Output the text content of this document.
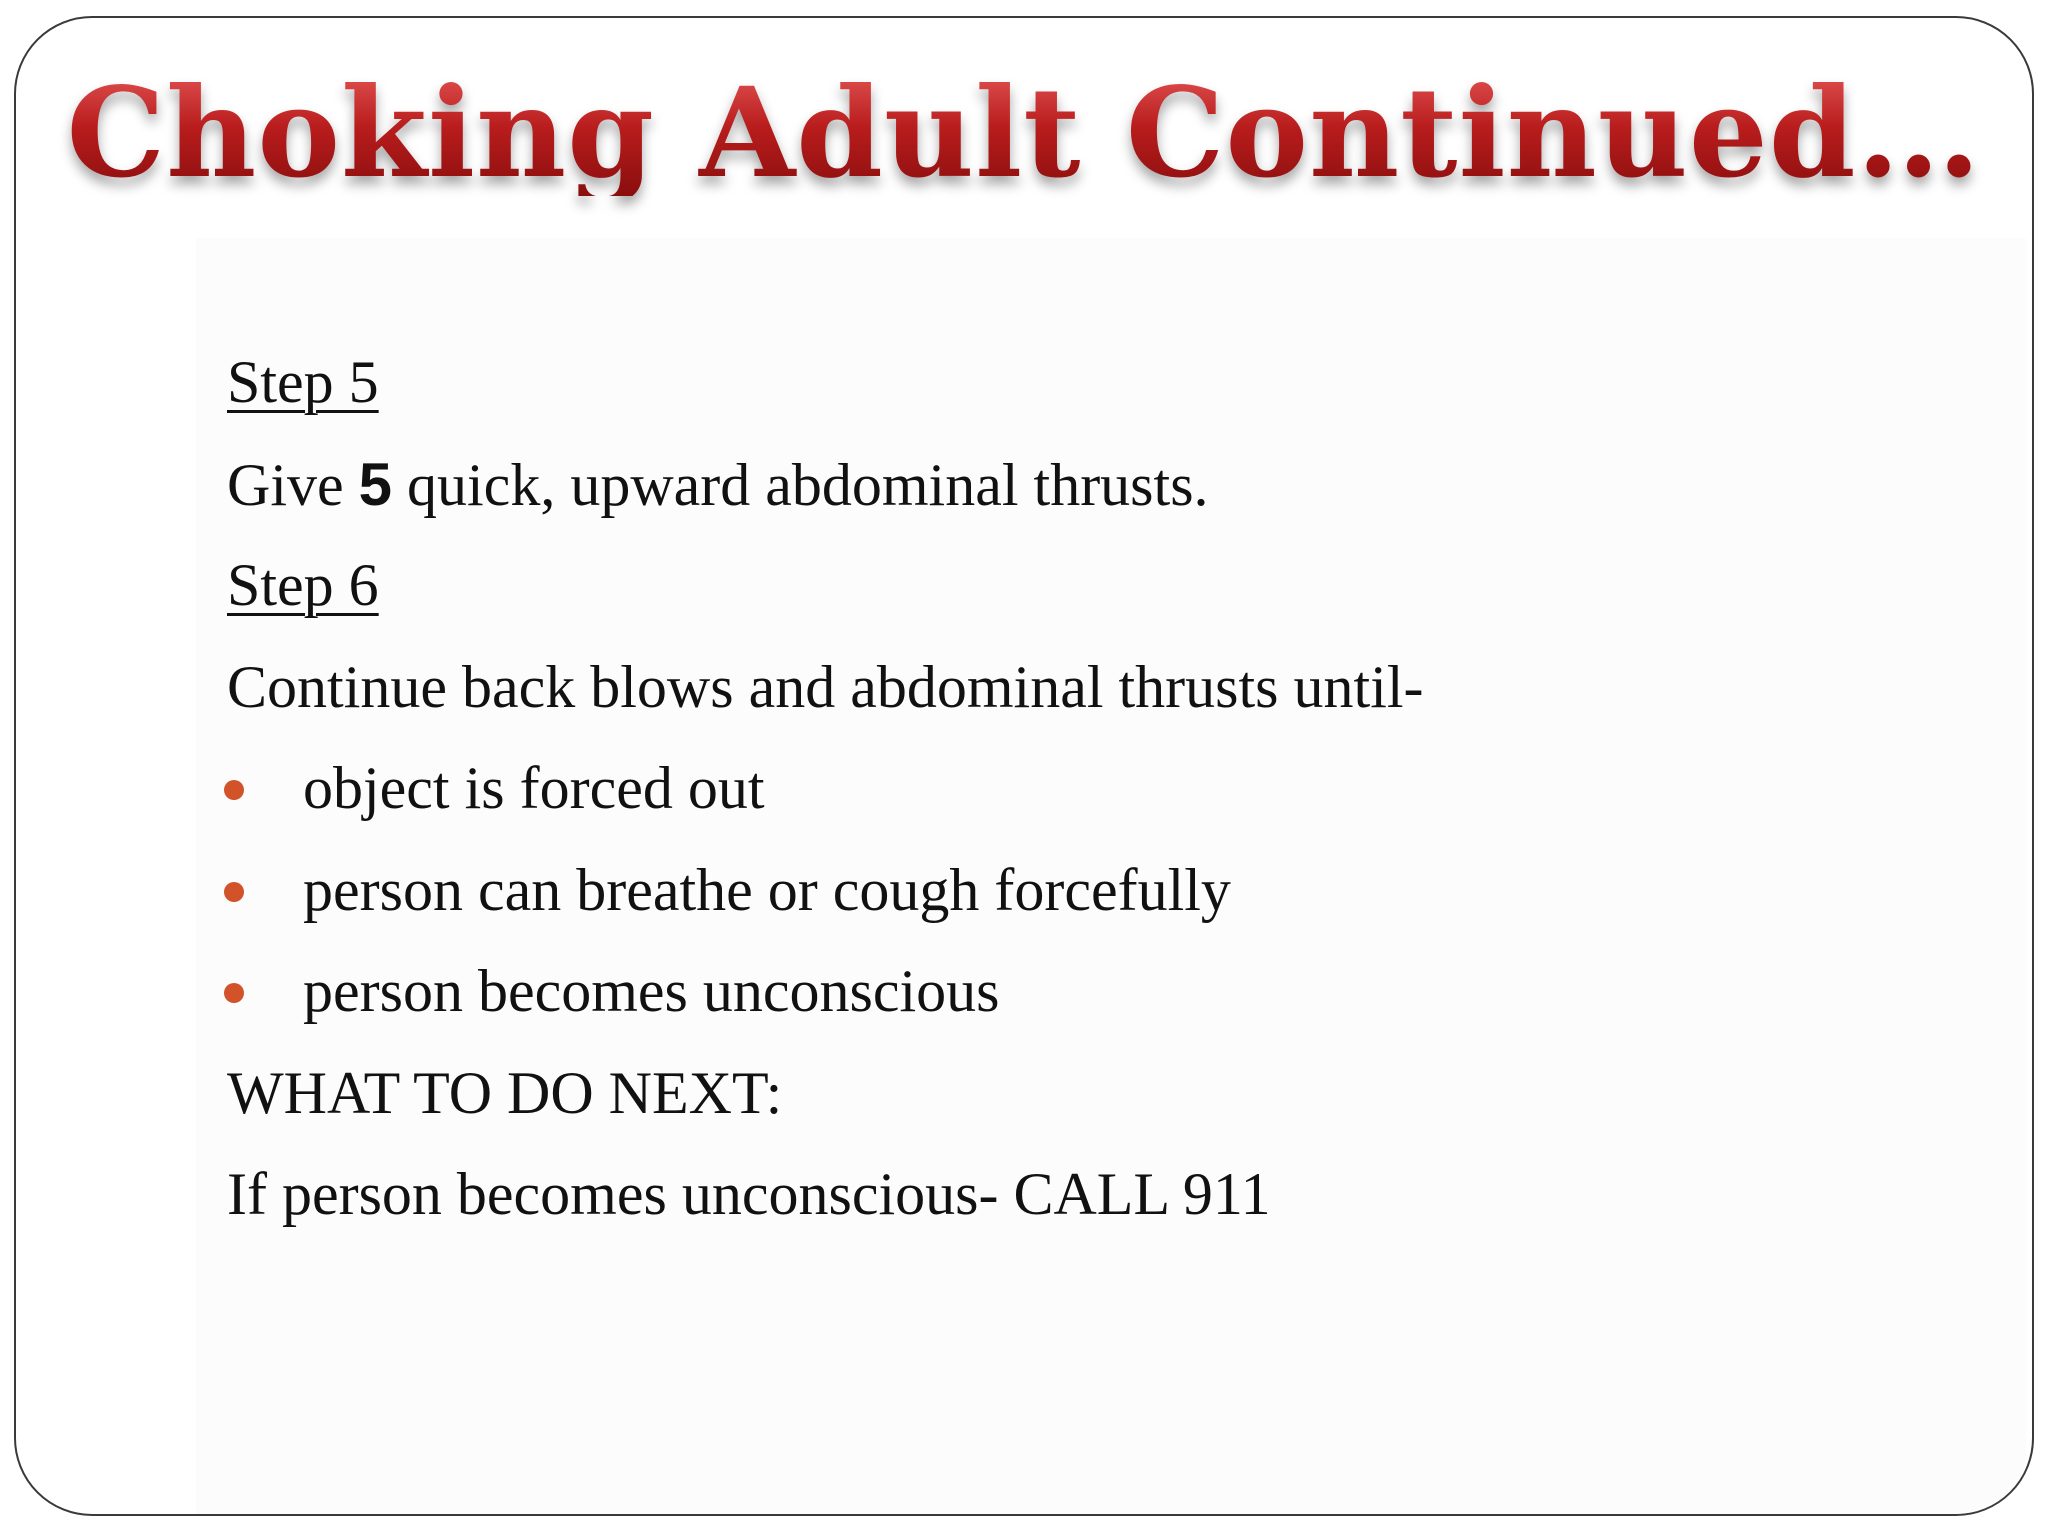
Choking Adult Continued…
Step 5
Give 5 quick, upward abdominal thrusts.
Step 6
Continue back blows and abdominal thrusts until-
object is forced out
person can breathe or cough forcefully
person becomes unconscious
WHAT TO DO NEXT:
If person becomes unconscious- CALL 911
